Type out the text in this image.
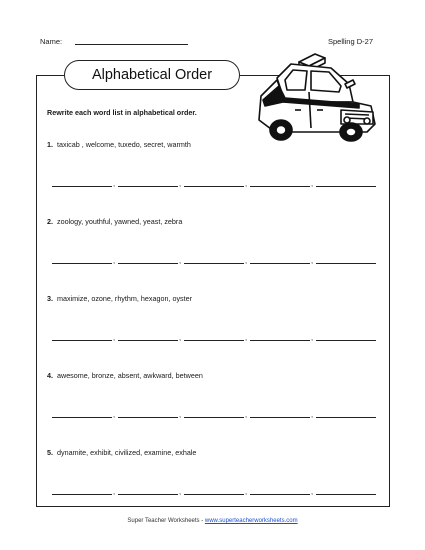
Name:	Spelling D-27
Alphabetical Order
Rewrite each word list in alphabetical order.
Super Teacher Worksheets - www.superteacherworksheets.com
1. taxicab , welcome, tuxedo, secret, warmth
,	,	,	,
2. zoology, youthful, yawned, yeast, zebra
,	,	,	,
3. maximize, ozone, rhythm, hexagon, oyster
,	,	,	,
4. awesome, bronze, absent, awkward, between
,	,	,	,
5. dynamite, exhibit, civilized, examine, exhale
,	,	,	,
